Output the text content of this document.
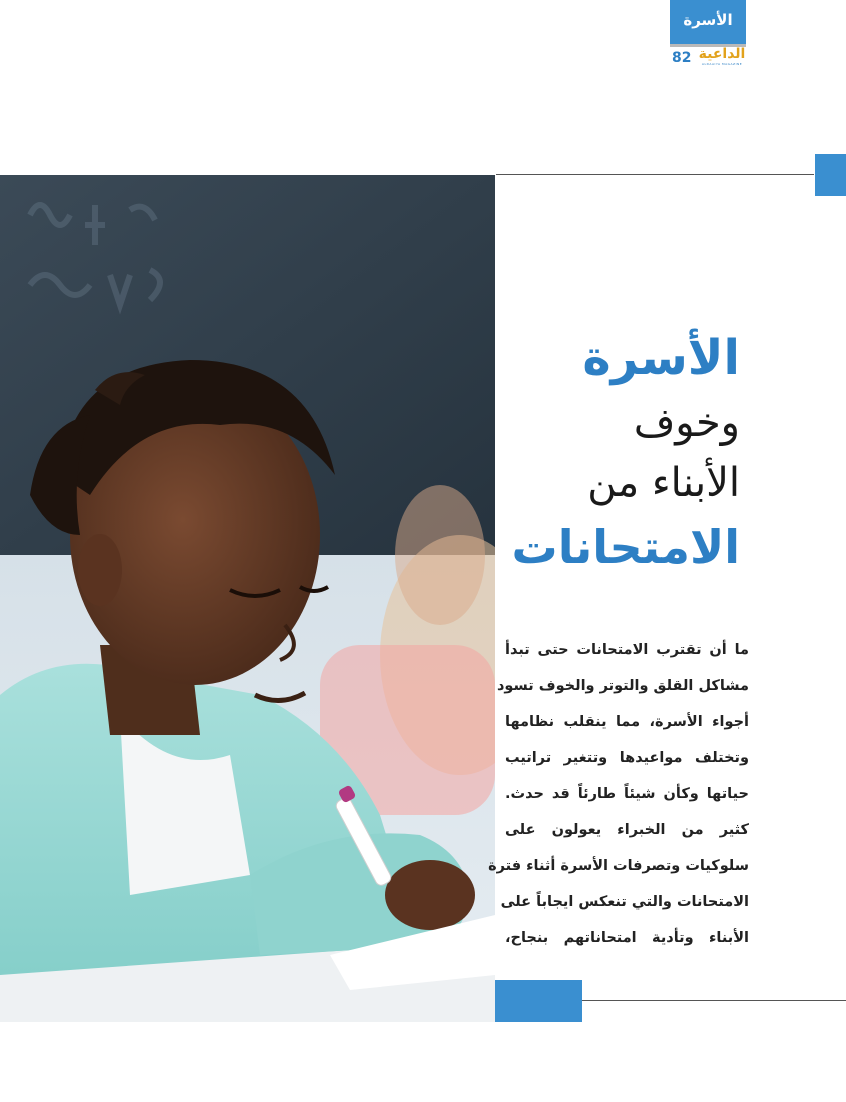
الأسرة
82 الداعية
ALDAAIYA MAGAZINE
الأسرة
وخوف
الأبناء من
الامتحانات
ما أن تقترب الامتحانات حتى تبدأ
مشاكل القلق والتوتر والخوف تسود
أجواء الأسرة، مما ينقلب نظامها
وتختلف مواعيدها وتتغير تراتيب
حياتها وكأن شيئاً طارئاً قد حدث.
كثير من الخبراء يعولون على
سلوكيات وتصرفات الأسرة أثناء فترة
الامتحانات والتي تنعكس ايجاباً على
الأبناء وتأدية امتحاناتهم بنجاح،
